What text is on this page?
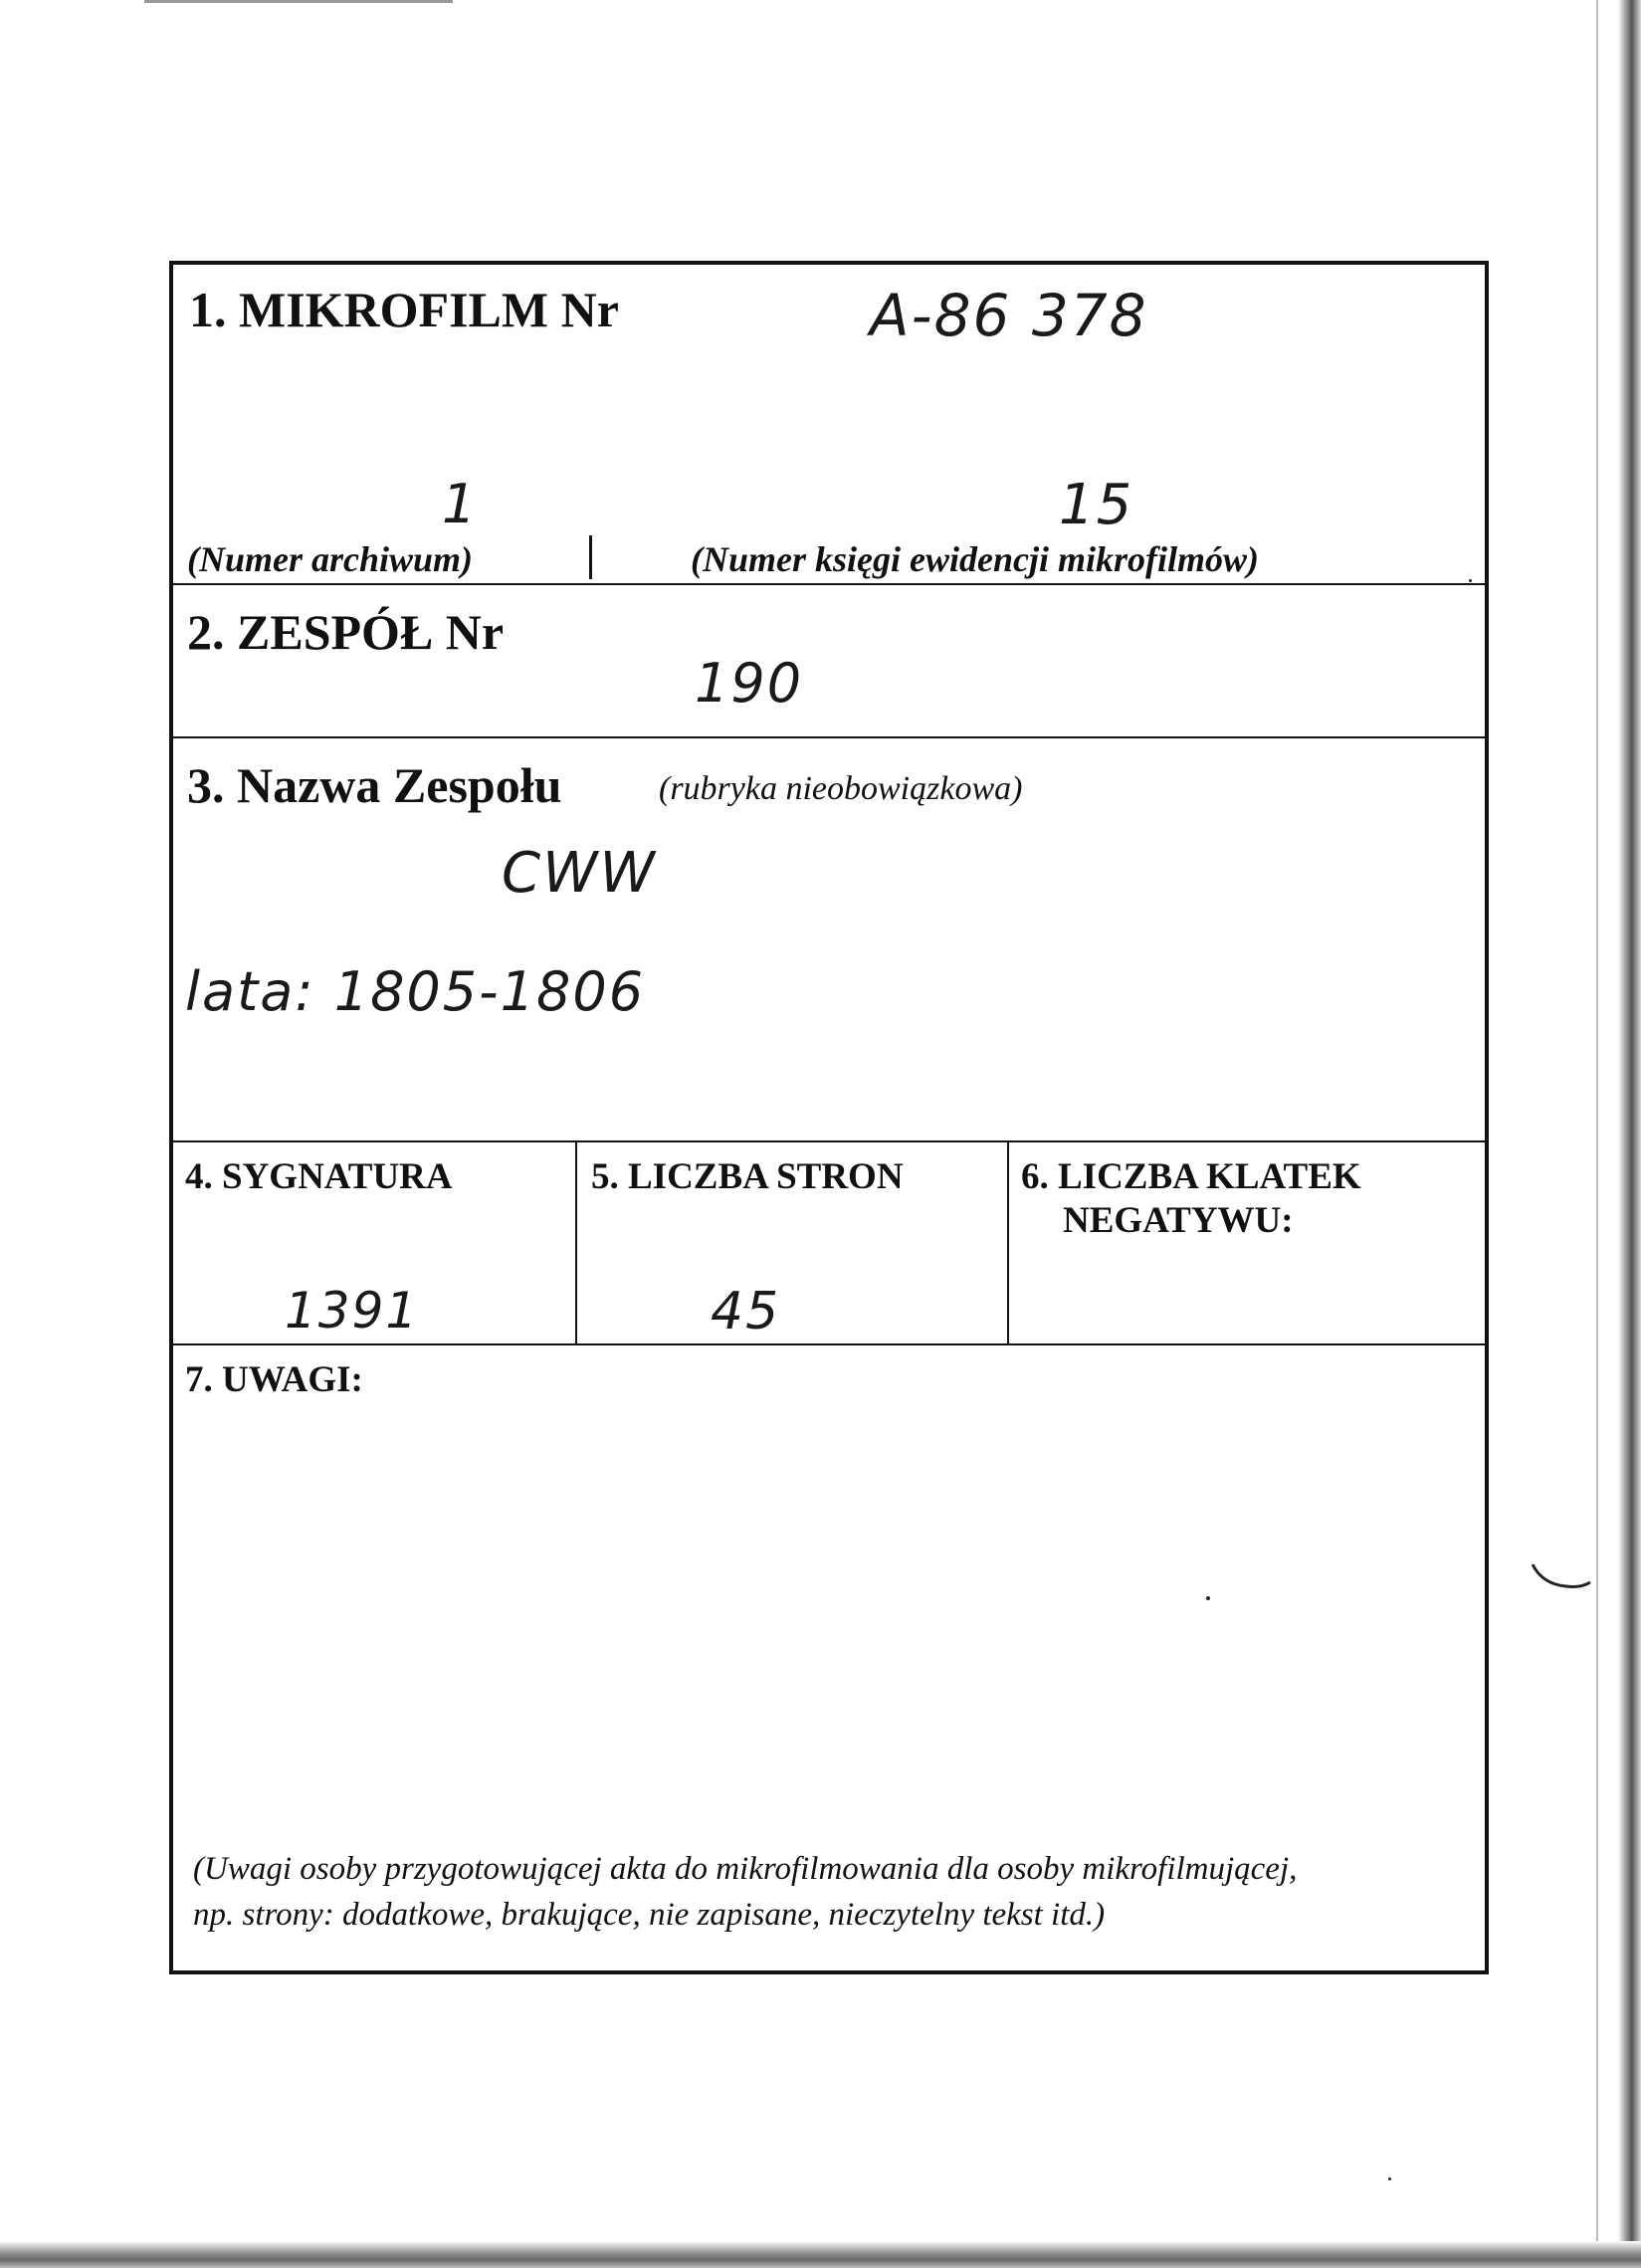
1. MIKROFILM Nr	A-86 378
1
(Numer archiwum)
15
(Numer księgi ewidencji mikrofilmów)
2. ZESPÓŁ Nr
190
3. Nazwa Zespołu	(rubryka nieobowiązkowa)
CWW
lata: 1805-1806
4. SYGNATURA
1391
5. LICZBA STRON
45
6. LICZBA KLATEK
NEGATYWU:
7. UWAGI:
(Uwagi osoby przygotowującej akta do mikrofilmowania dla osoby mikrofilmującej,
np. strony: dodatkowe, brakujące, nie zapisane, nieczytelny tekst itd.)
